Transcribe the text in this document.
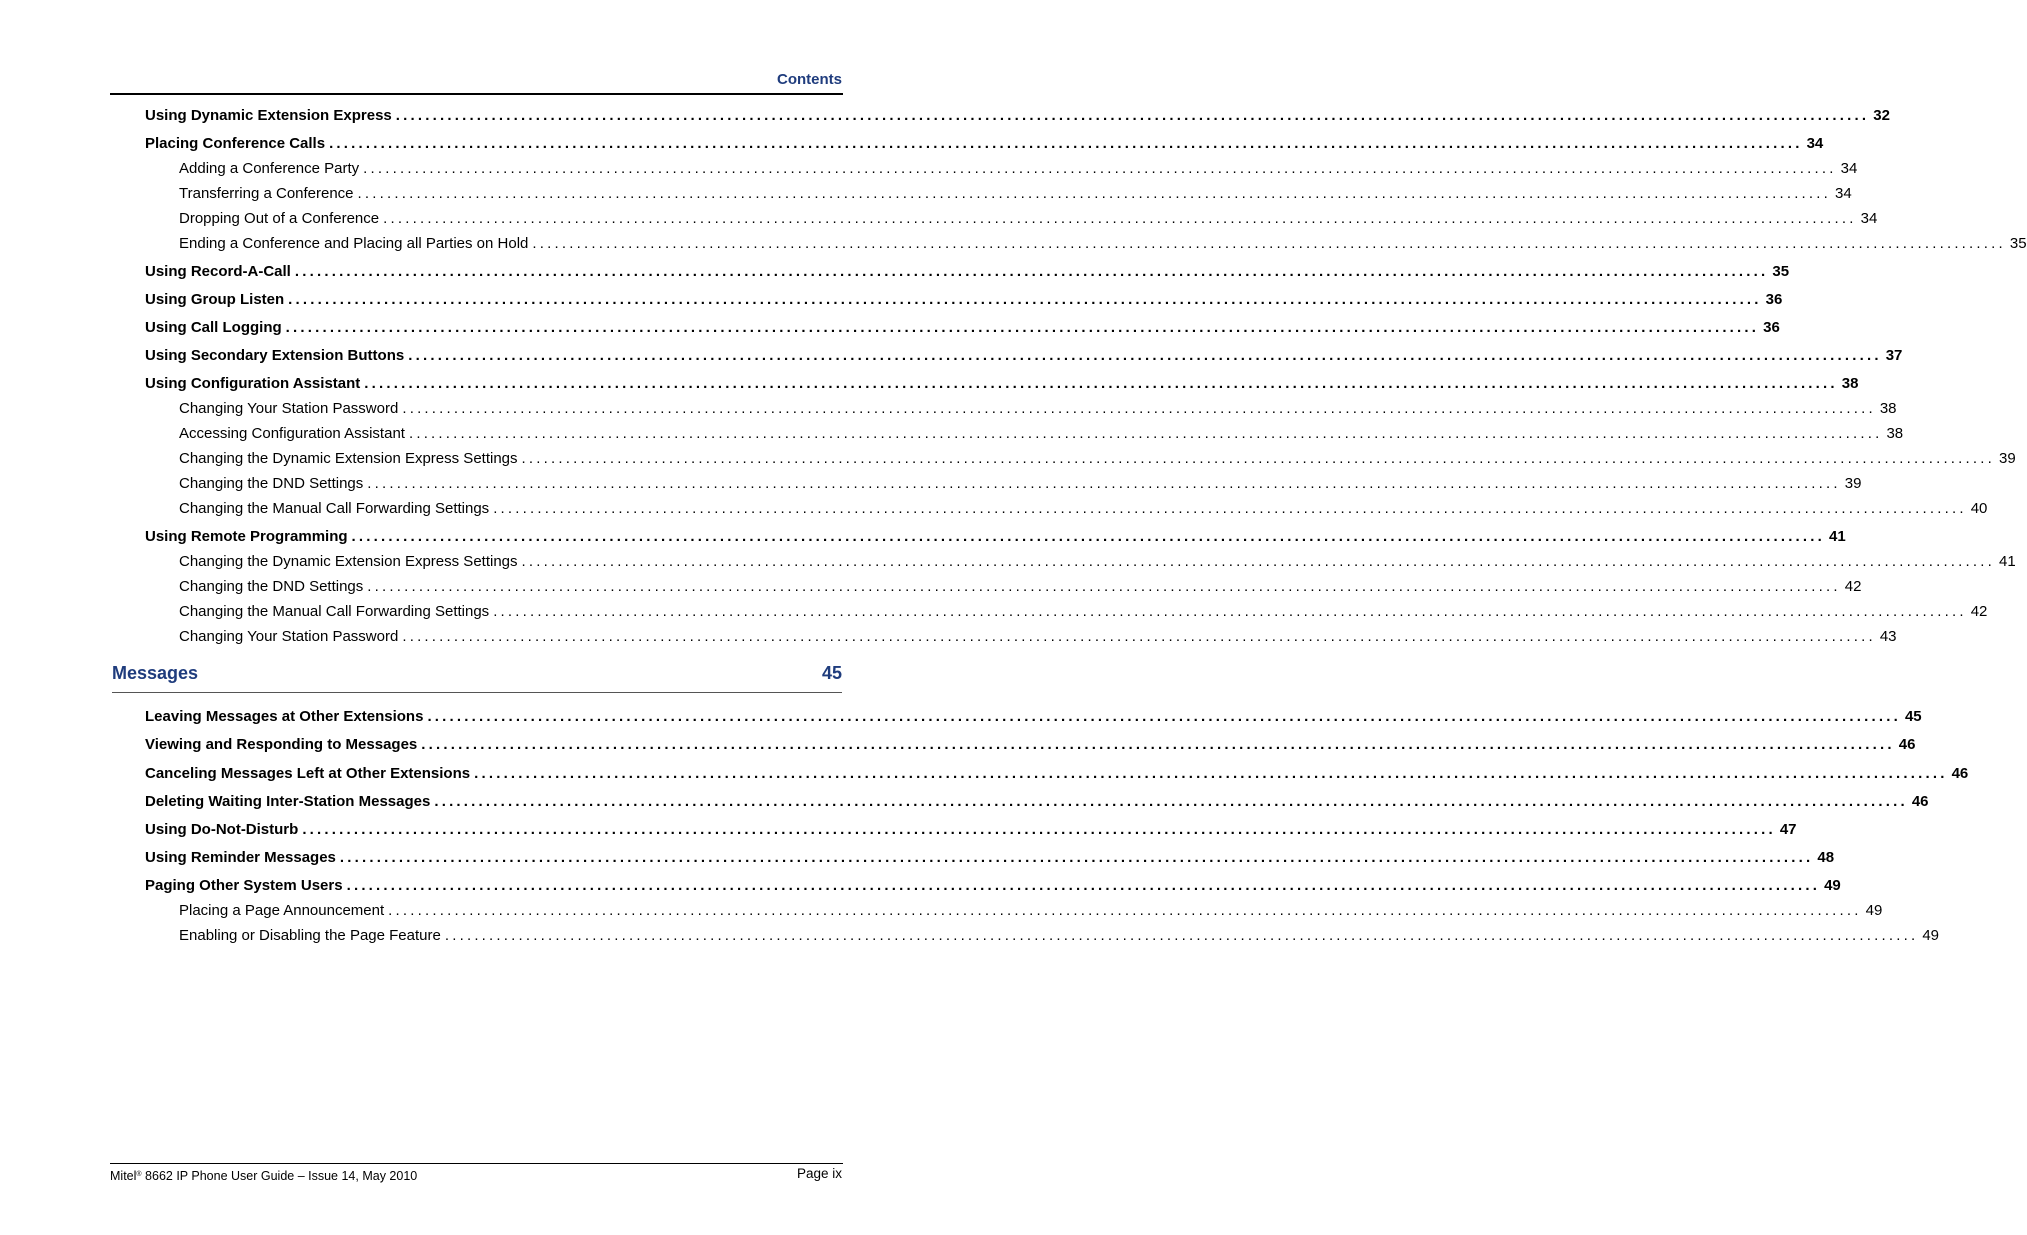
Contents
Using Dynamic Extension Express ........................................................................................................................................................................................................ 32
Placing Conference Calls ........................................................................................................................................................................................................ 34
Adding a Conference Party ........................................................................................................................................................................................................ 34
Transferring a Conference ........................................................................................................................................................................................................ 34
Dropping Out of a Conference ........................................................................................................................................................................................................ 34
Ending a Conference and Placing all Parties on Hold ........................................................................................................................................................................................................ 35
Using Record-A-Call ........................................................................................................................................................................................................ 35
Using Group Listen ........................................................................................................................................................................................................ 36
Using Call Logging ........................................................................................................................................................................................................ 36
Using Secondary Extension Buttons ........................................................................................................................................................................................................ 37
Using Configuration Assistant ........................................................................................................................................................................................................ 38
Changing Your Station Password ........................................................................................................................................................................................................ 38
Accessing Configuration Assistant ........................................................................................................................................................................................................ 38
Changing the Dynamic Extension Express Settings ........................................................................................................................................................................................................ 39
Changing the DND Settings ........................................................................................................................................................................................................ 39
Changing the Manual Call Forwarding Settings ........................................................................................................................................................................................................ 40
Using Remote Programming ........................................................................................................................................................................................................ 41
Changing the Dynamic Extension Express Settings ........................................................................................................................................................................................................ 41
Changing the DND Settings ........................................................................................................................................................................................................ 42
Changing the Manual Call Forwarding Settings ........................................................................................................................................................................................................ 42
Changing Your Station Password ........................................................................................................................................................................................................ 43
Messages	45
Leaving Messages at Other Extensions ........................................................................................................................................................................................................ 45
Viewing and Responding to Messages ........................................................................................................................................................................................................ 46
Canceling Messages Left at Other Extensions ........................................................................................................................................................................................................ 46
Deleting Waiting Inter-Station Messages ........................................................................................................................................................................................................ 46
Using Do-Not-Disturb ........................................................................................................................................................................................................ 47
Using Reminder Messages ........................................................................................................................................................................................................ 48
Paging Other System Users ........................................................................................................................................................................................................ 49
Placing a Page Announcement ........................................................................................................................................................................................................ 49
Enabling or Disabling the Page Feature ........................................................................................................................................................................................................ 49
Mitel® 8662 IP Phone User Guide – Issue 14, May 2010	Page ix
